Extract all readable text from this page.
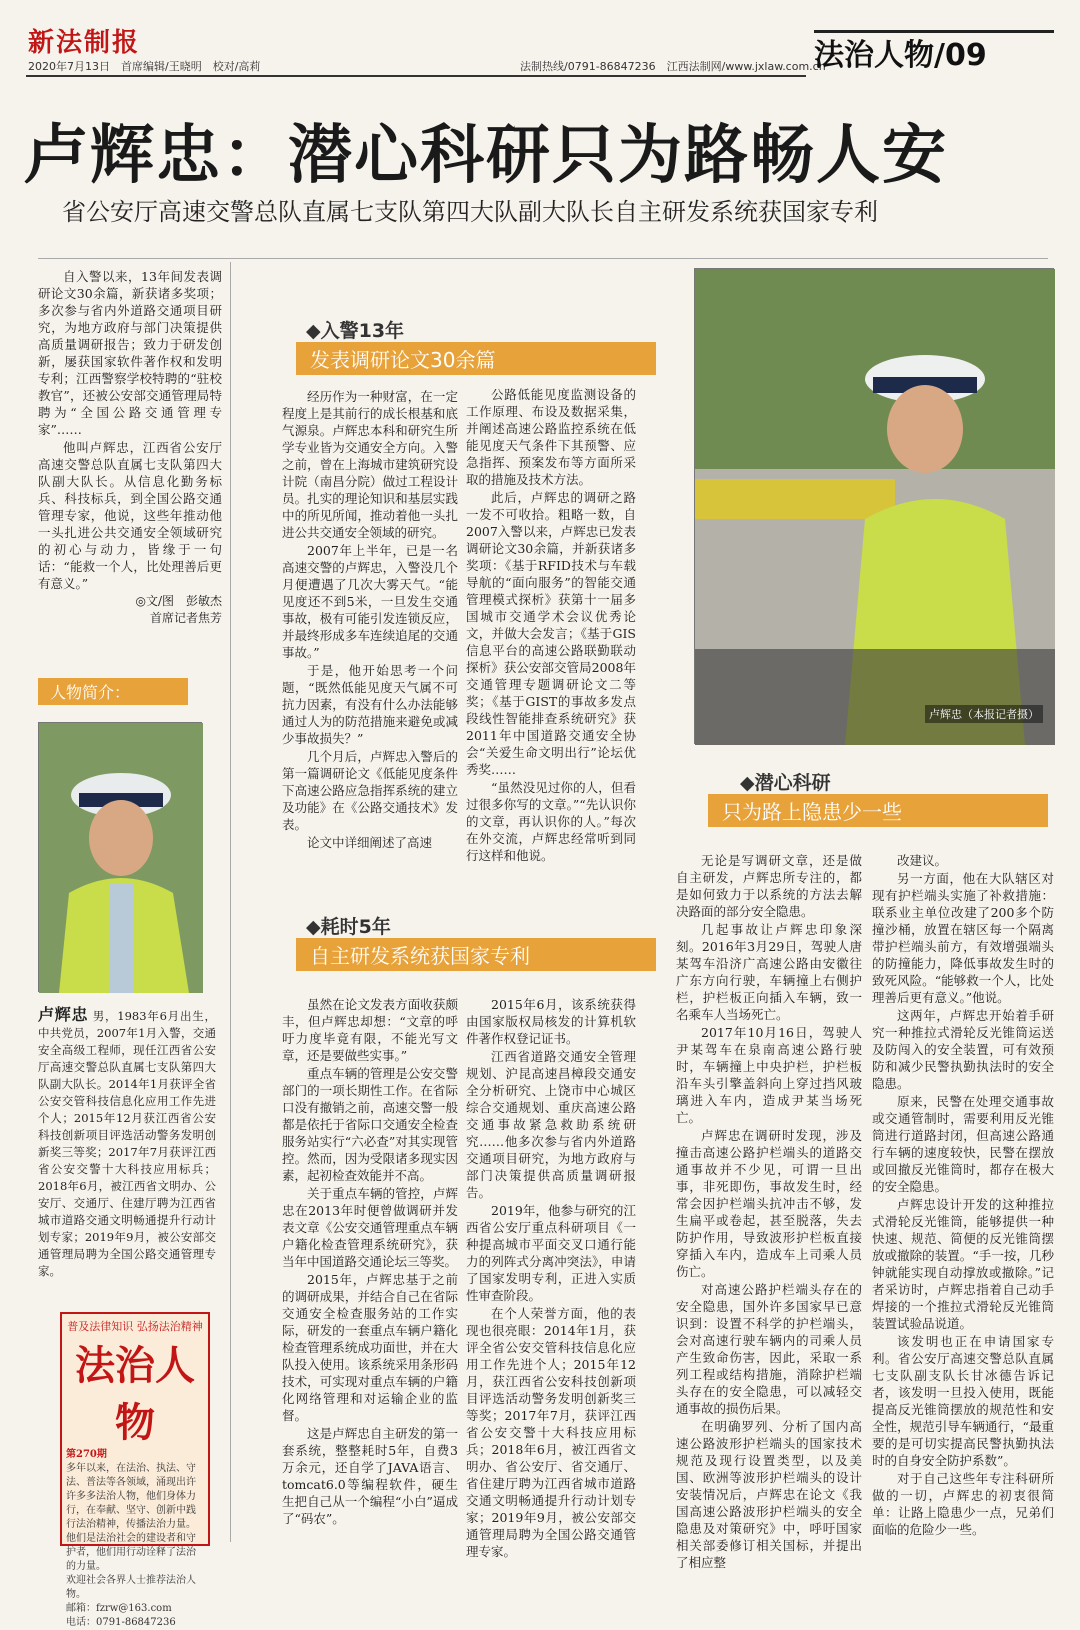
新法制报
2020年7月13日　首席编辑/王晓明　校对/高莉	法制热线/0791-86847236　江西法制网/www.jxlaw.com.cn
法治人物/09
卢辉忠：潜心科研只为路畅人安
省公安厅高速交警总队直属七支队第四大队副大队长自主研发系统获国家专利

自入警以来，13年间发表调研论文30余篇，新获诸多奖项；多次参与省内外道路交通项目研究，为地方政府与部门决策提供高质量调研报告；致力于研发创新，屡获国家软件著作权和发明专利；江西警察学校特聘的“驻校教官”，还被公安部交通管理局特聘为“全国公路交通管理专家”……

他叫卢辉忠，江西省公安厅高速交警总队直属七支队第四大队副大队长。从信息化勤务标兵、科技标兵，到全国公路交通管理专家，他说，这些年推动他一头扎进公共交通安全领域研究的初心与动力，皆缘于一句话：“能救一个人，比处理善后更有意义。”

◎文/图　彭敏杰
首席记者焦芳
人物简介：
卢辉忠 男，1983年6月出生，中共党员，2007年1月入警，交通安全高级工程师，现任江西省公安厅高速交警总队直属七支队第四大队副大队长。2014年1月获评全省公安交管科技信息化应用工作先进个人；2015年12月获江西省公安科技创新项目评选活动警务发明创新奖三等奖；2017年7月获评江西省公安交警十大科技应用标兵；2018年6月，被江西省文明办、公安厅、交通厅、住建厅聘为江西省城市道路交通文明畅通提升行动计划专家；2019年9月，被公安部交通管理局聘为全国公路交通管理专家。
普及法律知识 弘扬法治精神
法治人物
第270期
多年以来，在法治、执法、守法、普法等各领域，涌现出许许多多法治人物，他们身体力行，在奉献、坚守、创新中践行法治精神，传播法治力量。他们是法治社会的建设者和守护者，他们用行动诠释了法治的力量。
欢迎社会各界人士推荐法治人物。
邮箱：fzrw@163.com
电话：0791-86847236
◆入警13年
发表调研论文30余篇

经历作为一种财富，在一定程度上是其前行的成长根基和底气源泉。卢辉忠本科和研究生所学专业皆为交通安全方向。入警之前，曾在上海城市建筑研究设计院（南昌分院）做过工程设计员。扎实的理论知识和基层实践中的所见所闻，推动着他一头扎进公共交通安全领域的研究。

2007年上半年，已是一名高速交警的卢辉忠，入警没几个月便遭遇了几次大雾天气。“能见度还不到5米，一旦发生交通事故，极有可能引发连锁反应，并最终形成多车连续追尾的交通事故。”

于是，他开始思考一个问题，“既然低能见度天气属不可抗力因素，有没有什么办法能够通过人为的防范措施来避免或减少事故损失？”

几个月后，卢辉忠入警后的第一篇调研论文《低能见度条件下高速公路应急指挥系统的建立及功能》在《公路交通技术》发表。

论文中详细阐述了高速

公路低能见度监测设备的工作原理、布设及数据采集，并阐述高速公路监控系统在低能见度天气条件下其预警、应急指挥、预案发布等方面所采取的措施及技术方法。

此后，卢辉忠的调研之路一发不可收拾。粗略一数，自2007入警以来，卢辉忠已发表调研论文30余篇，并新获诸多奖项：《基于RFID技术与车载导航的“面向服务”的智能交通管理模式探析》获第十一届多国城市交通学术会议优秀论文，并做大会发言；《基于GIS信息平台的高速公路联勤联动探析》获公安部交管局2008年交通管理专题调研论文二等奖；《基于GIST的事故多发点段线性智能排查系统研究》获2011年中国道路交通安全协会“关爱生命文明出行”论坛优秀奖……

“虽然没见过你的人，但看过很多你写的文章。”“先认识你的文章，再认识你的人。”每次在外交流，卢辉忠经常听到同行这样和他说。

◆耗时5年
自主研发系统获国家专利

虽然在论文发表方面收获颇丰，但卢辉忠却想：“文章的呼吁力度毕竟有限，不能光写文章，还是要做些实事。”

重点车辆的管理是公安交警部门的一项长期性工作。在省际口没有撤销之前，高速交警一般都是依托于省际口交通安全检查服务站实行“六必查”对其实现管控。然而，因为受限诸多现实因素，起初检查效能并不高。

关于重点车辆的管控，卢辉忠在2013年时便曾做调研并发表文章《公安交通管理重点车辆户籍化检查管理系统研究》，获当年中国道路交通论坛三等奖。

2015年，卢辉忠基于之前的调研成果，并结合自己在省际交通安全检查服务站的工作实际，研发的一套重点车辆户籍化检查管理系统成功面世，并在大队投入使用。该系统采用条形码技术，可实现对重点车辆的户籍化网络管理和对运输企业的监督。

这是卢辉忠自主研发的第一套系统，整整耗时5年，自费3万余元，还自学了JAVA语言、tomcat6.0等编程软件，硬生生把自己从一个编程“小白”逼成了“码农”。

2015年6月，该系统获得由国家版权局核发的计算机软件著作权登记证书。

江西省道路交通安全管理规划、沪昆高速昌樟段交通安全分析研究、上饶市中心城区综合交通规划、重庆高速公路交通事故紧急救助系统研究……他多次参与省内外道路交通项目研究，为地方政府与部门决策提供高质量调研报告。

2019年，他参与研究的江西省公安厅重点科研项目《一种提高城市平面交叉口通行能力的列阵式分离冲突法》，申请了国家发明专利，正进入实质性审查阶段。

在个人荣誉方面，他的表现也很亮眼：2014年1月，获评全省公安交管科技信息化应用工作先进个人；2015年12月，获江西省公安科技创新项目评选活动警务发明创新奖三等奖；2017年7月，获评江西省公安交警十大科技应用标兵；2018年6月，被江西省文明办、省公安厅、省交通厅、省住建厅聘为江西省城市道路交通文明畅通提升行动计划专家；2019年9月，被公安部交通管理局聘为全国公路交通管理专家。

卢辉忠（本报记者摄）
◆潜心科研
只为路上隐患少一些

无论是写调研文章，还是做自主研发，卢辉忠所专注的，都是如何致力于以系统的方法去解决路面的部分安全隐患。

几起事故让卢辉忠印象深刻。2016年3月29日，驾驶人唐某驾车沿济广高速公路由安徽往广东方向行驶，车辆撞上右侧护栏，护栏板正向插入车辆，致一名乘车人当场死亡。

2017年10月16日，驾驶人尹某驾车在泉南高速公路行驶时，车辆撞上中央护栏，护栏板沿车头引擎盖斜向上穿过挡风玻璃进入车内，造成尹某当场死亡。

卢辉忠在调研时发现，涉及撞击高速公路护栏端头的道路交通事故并不少见，可谓一旦出事，非死即伤，事故发生时，经常会因护栏端头抗冲击不够，发生扁平或卷起，甚至脱落，失去防护作用，导致波形护栏板直接穿插入车内，造成车上司乘人员伤亡。

对高速公路护栏端头存在的安全隐患，国外许多国家早已意识到：设置不科学的护栏端头，会对高速行驶车辆内的司乘人员产生致命伤害，因此，采取一系列工程或结构措施，消除护栏端头存在的安全隐患，可以减轻交通事故的损伤后果。

在明确罗列、分析了国内高速公路波形护栏端头的国家技术规范及现行设置类型，以及美国、欧洲等波形护栏端头的设计安装情况后，卢辉忠在论文《我国高速公路波形护栏端头的安全隐患及对策研究》中，呼吁国家相关部委修订相关国标，并提出了相应整

改建议。

另一方面，他在大队辖区对现有护栏端头实施了补救措施：联系业主单位改建了200多个防撞沙桶，放置在辖区每一个隔离带护栏端头前方，有效增强端头的防撞能力，降低事故发生时的致死风险。“能够救一个人，比处理善后更有意义。”他说。

这两年，卢辉忠开始着手研究一种推拉式滑轮反光锥筒运送及防闯入的安全装置，可有效预防和减少民警执勤执法时的安全隐患。

原来，民警在处理交通事故或交通管制时，需要利用反光锥筒进行道路封闭，但高速公路通行车辆的速度较快，民警在摆放或回撤反光锥筒时，都存在极大的安全隐患。

卢辉忠设计开发的这种推拉式滑轮反光锥筒，能够提供一种快速、规范、简便的反光锥筒摆放或撤除的装置。“手一按，几秒钟就能实现自动撑放或撤除。”记者采访时，卢辉忠指着自己动手焊接的一个推拉式滑轮反光锥筒装置试验品说道。

该发明也正在申请国家专利。省公安厅高速交警总队直属七支队副支队长甘冰德告诉记者，该发明一旦投入使用，既能提高反光锥筒摆放的规范性和安全性，规范引导车辆通行，“最重要的是可切实提高民警执勤执法时的自身安全防护系数”。

对于自己这些年专注科研所做的一切，卢辉忠的初衷很简单：让路上隐患少一点，兄弟们面临的危险少一些。
